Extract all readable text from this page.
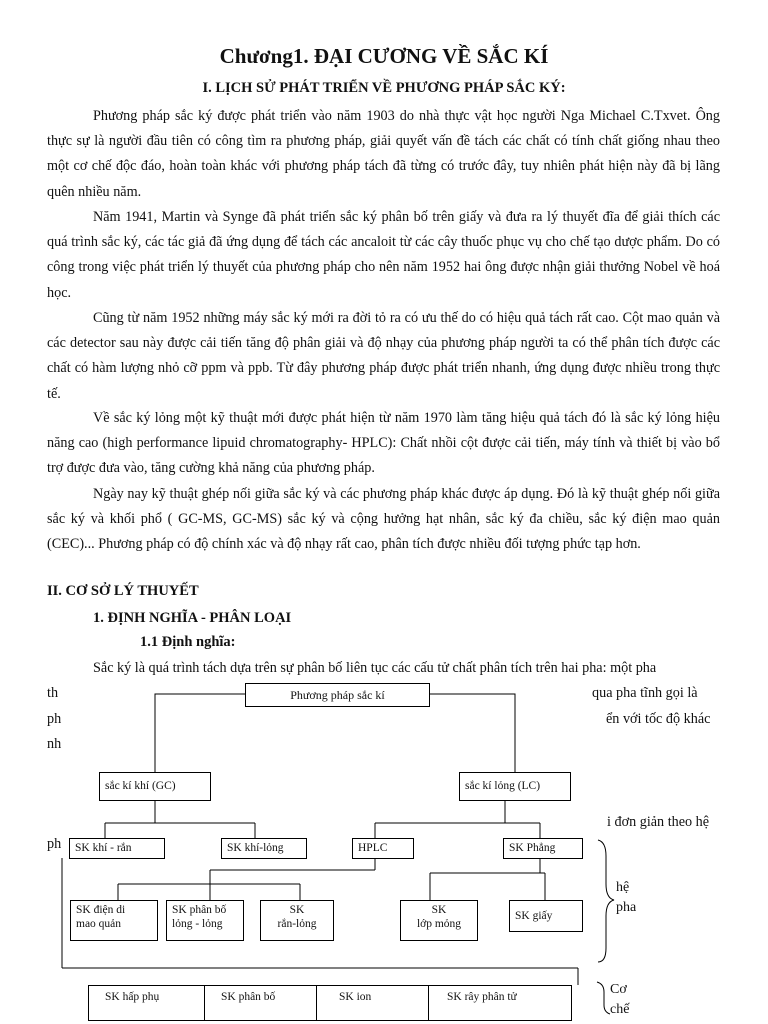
Chương1. ĐẠI CƯƠNG VỀ SẮC KÍ
I. LỊCH SỬ PHÁT TRIỂN VỀ PHƯƠNG PHÁP SẮC KÝ:

Phương pháp sắc ký được phát triển vào năm 1903 do nhà thực vật học người Nga Michael C.Txvet. Ông thực sự là người đầu tiên có công tìm ra phương pháp, giải quyết vấn đề tách các chất có tính chất giống nhau theo một cơ chế độc đáo, hoàn toàn khác với phương pháp tách đã từng có trước đây, tuy nhiên phát hiện này đã bị lãng quên nhiều năm.

Năm 1941, Martin và Synge đã phát triển sắc ký phân bố trên giấy và đưa ra lý thuyết đĩa để giải thích các quá trình sắc ký, các tác giả đã ứng dụng để tách các ancaloit từ các cây thuốc phục vụ cho chế tạo dược phẩm. Do có công trong việc phát triển lý thuyết của phương pháp cho nên năm 1952 hai ông được nhận giải thưởng Nobel về hoá học.

Cũng từ năm 1952 những máy sắc ký mới ra đời tỏ ra có ưu thế do có hiệu quả tách rất cao. Cột mao quản và các detector sau này được cải tiến tăng độ phân giải và độ nhạy của phương pháp người ta có thể phân tích được các chất có hàm lượng nhỏ cỡ ppm và ppb. Từ đây phương pháp được phát triển nhanh, ứng dụng được nhiều trong thực tế.

Về sắc ký lỏng một kỹ thuật mới được phát hiện từ năm 1970 làm tăng hiệu quả tách đó là sắc ký lỏng hiệu năng cao (high performance lipuid chromatography- HPLC): Chất nhồi cột được cải tiến, máy tính và thiết bị vào bổ trợ được đưa vào, tăng cường khả năng của phương pháp.

Ngày nay kỹ thuật ghép nối giữa sắc ký và các phương pháp khác được áp dụng. Đó là kỹ thuật ghép nối giữa sắc ký và khối phổ ( GC-MS, GC-MS) sắc ký và cộng hưởng hạt nhân, sắc ký đa chiều, sắc ký điện mao quản (CEC)... Phương pháp có độ chính xác và độ nhạy rất cao, phân tích được nhiều đối tượng phức tạp hơn.

II. CƠ SỞ LÝ THUYẾT
1. ĐỊNH NGHĨA - PHÂN LOẠI
1.1 Định nghĩa:
Sắc ký là quá trình tách dựa trên sự phân bố liên tục các cấu tử chất phân tích trên hai pha: một pha
th	qua pha tĩnh gọi là
ph	ển với tốc độ khác
nh
ph
i đơn giản theo hệ
Phương pháp sắc kí
sắc kí khí (GC)	sắc kí lỏng (LC)
SK khí - rắn	SK khí-lỏng	HPLC	SK Phẳng
SK điện di
mao quản
SK phân bố
lỏng - lỏng
SK
rắn-lỏng
SK
lớp mỏng
SK giấy
hệ
pha
SK hấp phụ	SK phân bố	SK ion	SK rây phân tử	Cơ
chế
